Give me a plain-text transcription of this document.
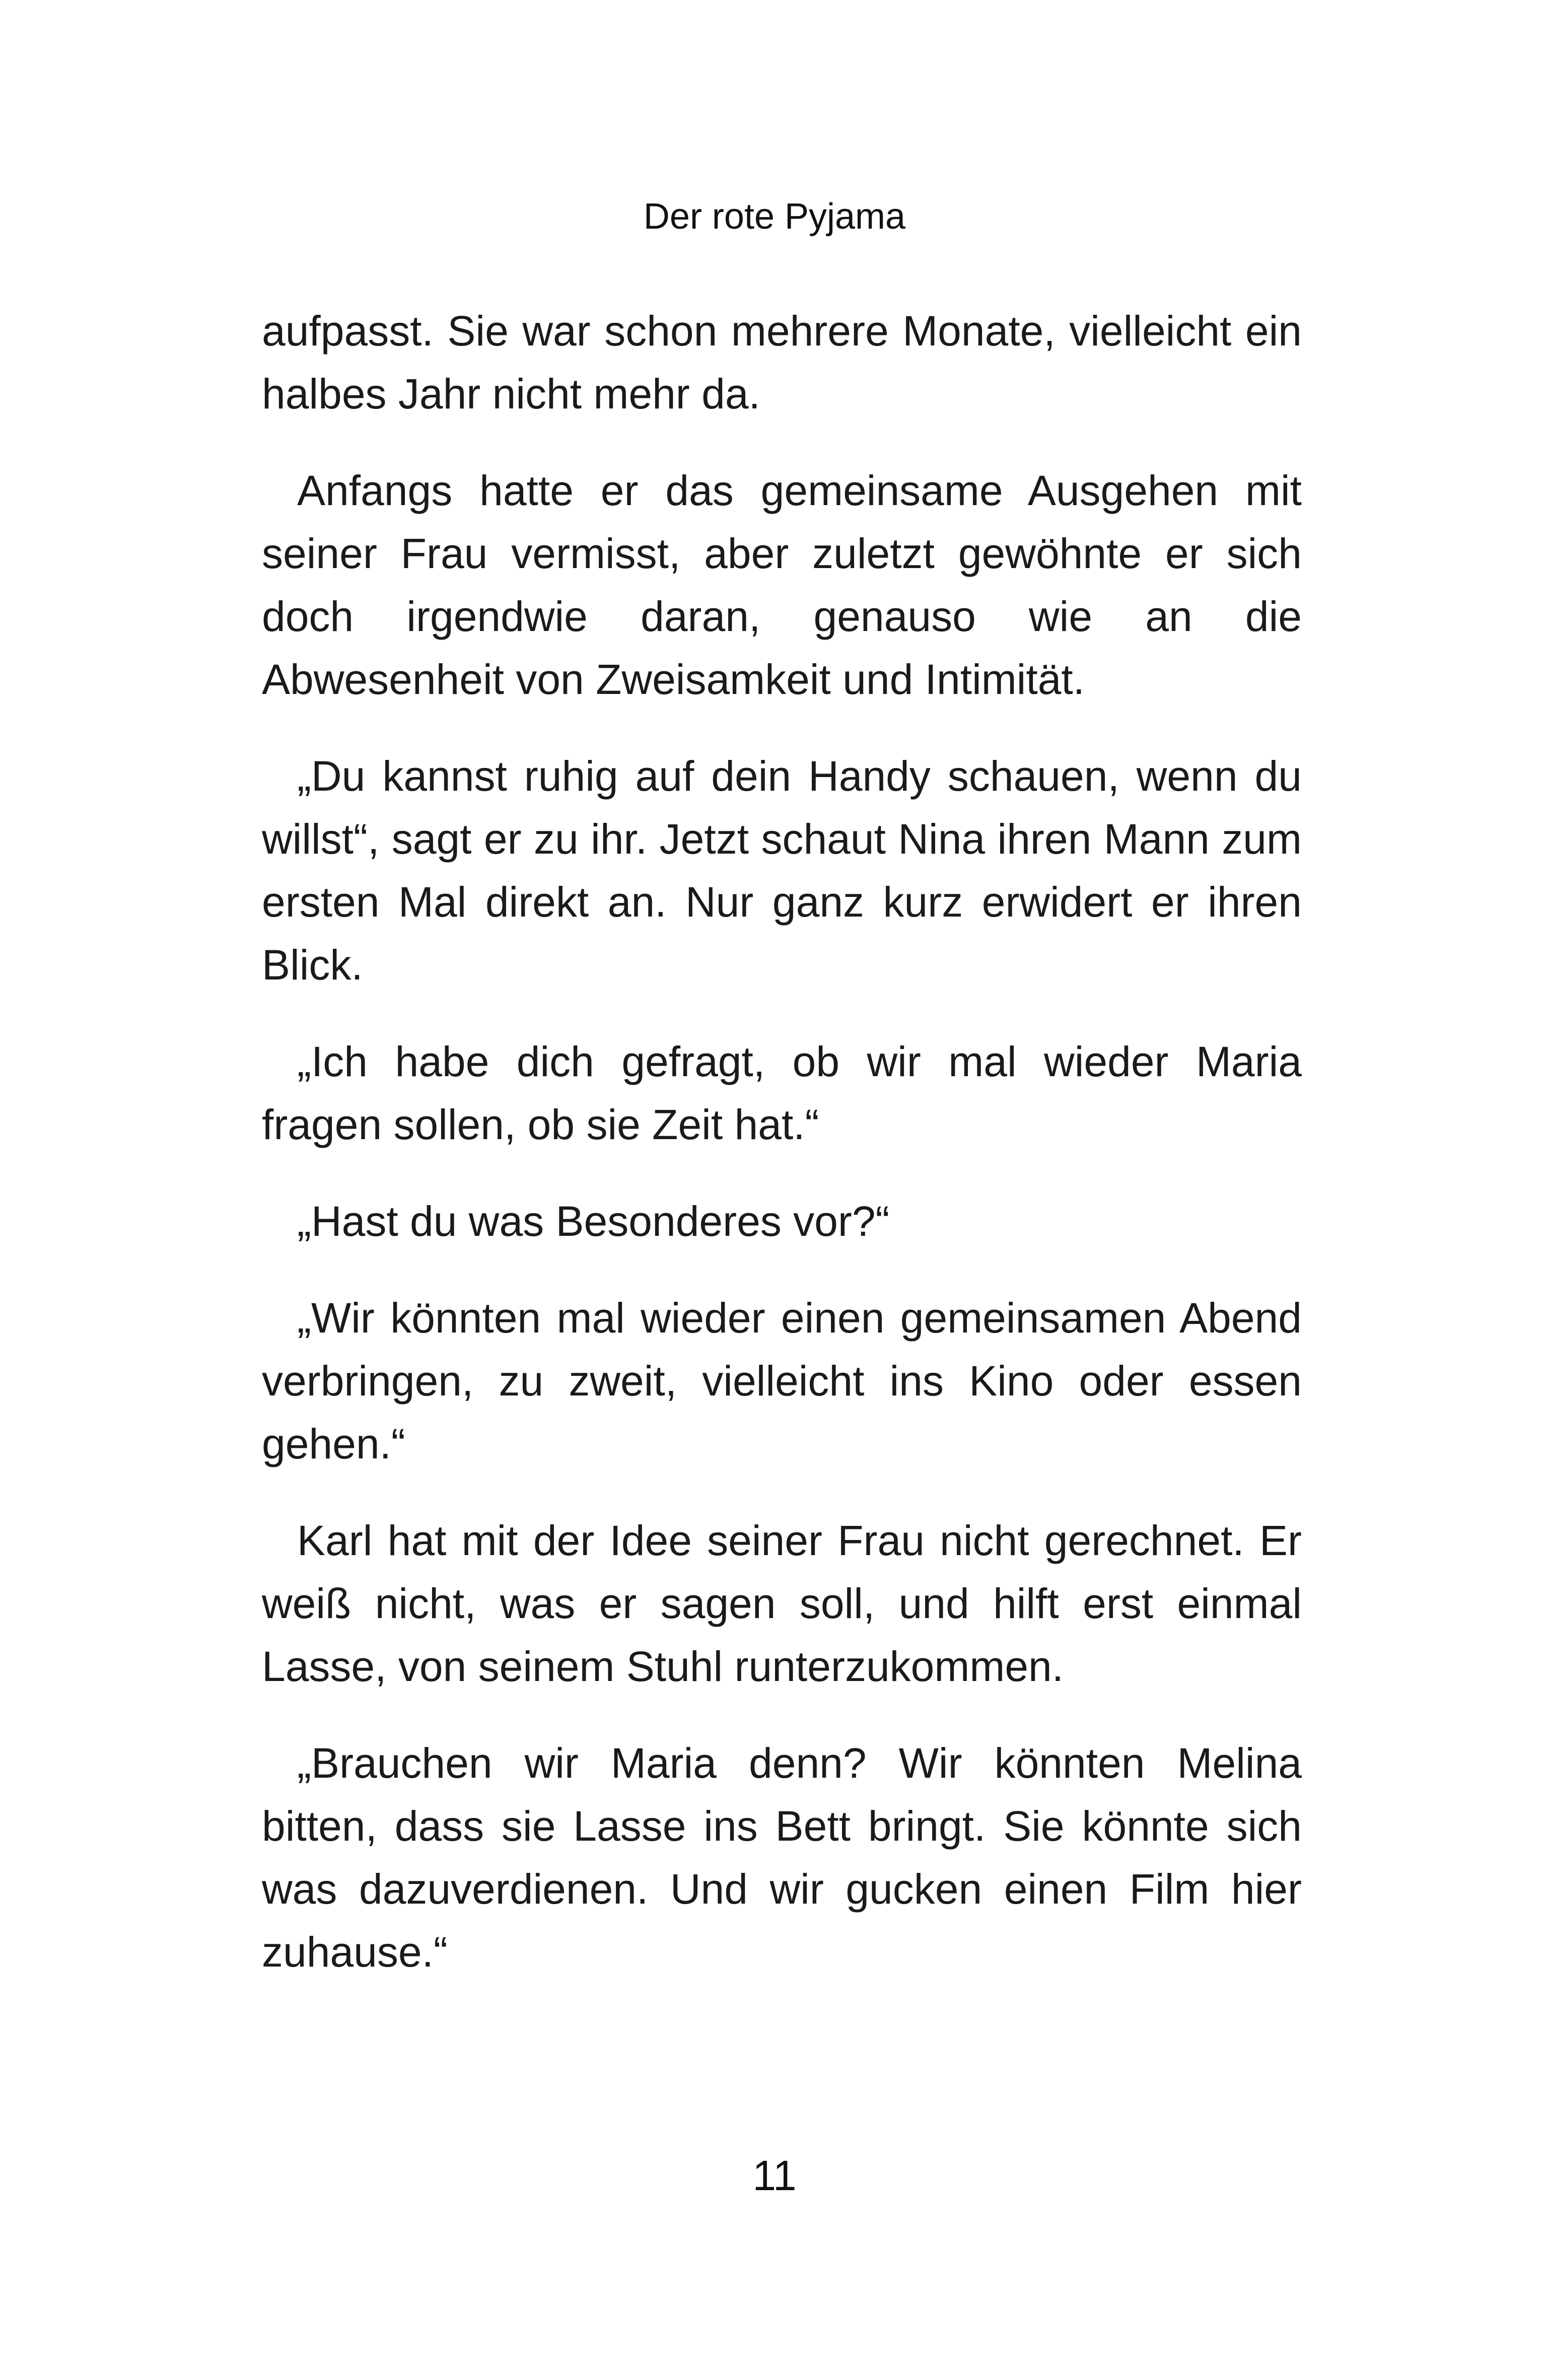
Der rote Pyjama

aufpasst. Sie war schon mehrere Monate, vielleicht ein halbes Jahr nicht mehr da.

Anfangs hatte er das gemeinsame Ausgehen mit seiner Frau vermisst, aber zuletzt gewöhnte er sich doch irgendwie daran, genauso wie an die Abwesenheit von Zweisamkeit und Intimität.

„Du kannst ruhig auf dein Handy schauen, wenn du willst“, sagt er zu ihr. Jetzt schaut Nina ihren Mann zum ersten Mal direkt an. Nur ganz kurz erwidert er ihren Blick.

„Ich habe dich gefragt, ob wir mal wieder Maria fragen sollen, ob sie Zeit hat.“

„Hast du was Besonderes vor?“

„Wir könnten mal wieder einen gemeinsamen Abend verbringen, zu zweit, vielleicht ins Kino oder essen gehen.“

Karl hat mit der Idee seiner Frau nicht gerechnet. Er weiß nicht, was er sagen soll, und hilft erst einmal Lasse, von seinem Stuhl runterzukommen.

„Brauchen wir Maria denn? Wir könnten Melina bitten, dass sie Lasse ins Bett bringt. Sie könnte sich was dazuverdienen. Und wir gucken einen Film hier zuhause.“

11
